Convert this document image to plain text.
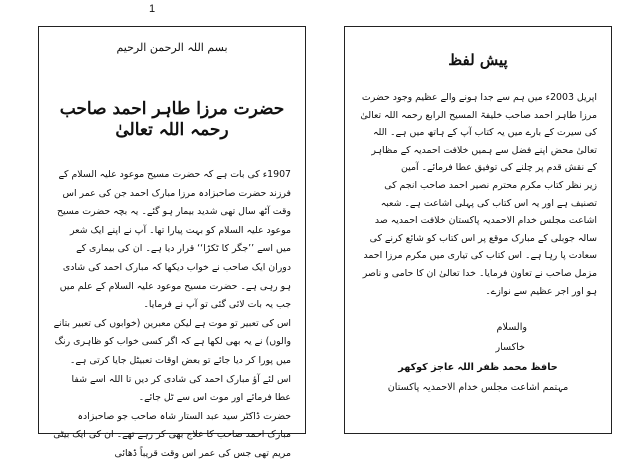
1
بسم اللہ الرحمن الرحیم
حضرت مرزا طاہر احمد صاحب رحمہ اللہ تعالیٰ

1907ء کی بات ہے کہ حضرت مسیح موعود علیہ السلام کے فرزند حضرت صاحبزادہ مرزا مبارک احمد جن کی عمر اس وقت آٹھ سال تھی شدید بیمار ہو گئے۔ یہ بچہ حضرت مسیح موعود علیہ السلام کو بہت پیارا تھا۔ آپ نے اپنے ایک شعر میں اسے ’’جگر کا ٹکڑا‘‘ قرار دیا ہے۔ ان کی بیماری کے دوران ایک صاحب نے خواب دیکھا کہ مبارک احمد کی شادی ہو رہی ہے۔ حضرت مسیح موعود علیہ السلام کے علم میں جب یہ بات لائی گئی تو آپ نے فرمایا۔

اس کی تعبیر تو موت ہے لیکن معبرین (خوابوں کی تعبیر بتانے والوں) نے یہ بھی لکھا ہے کہ اگر کسی خواب کو ظاہری رنگ میں پورا کر دیا جائے تو بعض اوقات تعبیٹل جایا کرتی ہے۔ اس لئے آؤ مبارک احمد کی شادی کر دیں تا اللہ اسے شفا عطا فرمائے اور موت اس سے ٹل جائے۔

حضرت ڈاکٹر سید عبد الستار شاہ صاحب جو صاحبزادہ مبارک احمد صاحب کا علاج بھی کر رہے تھے۔ ان کی ایک بیٹی مریم تھی جس کی عمر اس وقت قریباً ڈھائی

پیش لفظ

اپریل 2003ء میں ہم سے جدا ہونے والے عظیم وجود حضرت مرزا طاہر احمد صاحب خلیفۃ المسیح الرابع رحمہ اللہ تعالیٰ کی سیرت کے بارے میں یہ کتاب آپ کے ہاتھ میں ہے۔ اللہ تعالیٰ محض اپنے فضل سے ہمیں خلافت احمدیہ کے مظاہر کے نقش قدم پر چلنے کی توفیق عطا فرمائے۔ آمین

زیر نظر کتاب مکرم محترم نصیر احمد صاحب انجم کی تصنیف ہے اور یہ اس کتاب کی پہلی اشاعت ہے۔ شعبہ اشاعت مجلس خدام الاحمدیہ پاکستان خلافت احمدیہ صد سالہ جوبلی کے مبارک موقع پر اس کتاب کو شائع کرنے کی سعادت پا رہا ہے۔ اس کتاب کی تیاری میں مکرم مرزا احمد مزمل صاحب نے تعاون فرمایا۔ خدا تعالیٰ ان کا حامی و ناصر ہو اور اجر عظیم سے نوازے۔

والسلام
خاکسار
حافظ محمد ظفر اللہ عاجز کوکھر
مہتمم اشاعت مجلس خدام الاحمدیہ پاکستان
